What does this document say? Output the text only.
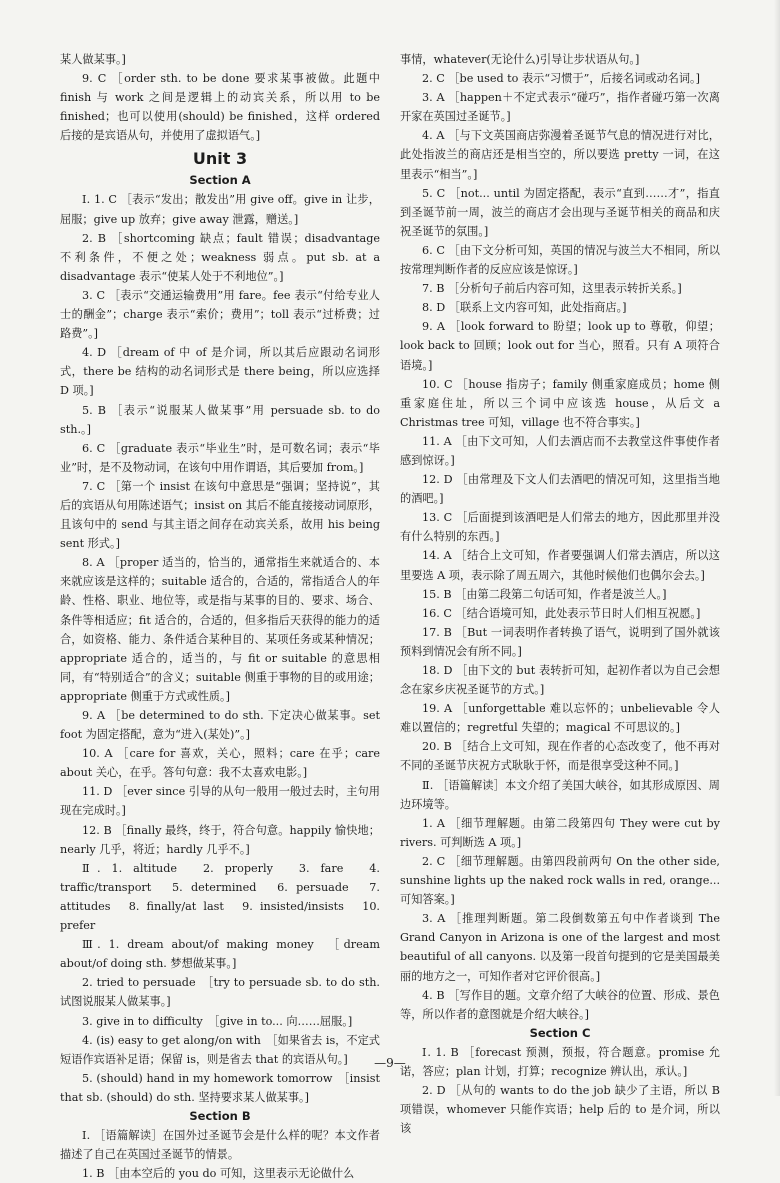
某人做某事。]

9. C ［order sth. to be done 要求某事被做。此题中 finish 与 work 之间是逻辑上的动宾关系，所以用 to be finished；也可以使用(should) be finished，这样 ordered 后接的是宾语从句，并使用了虚拟语气。]

Unit 3
Section A

Ⅰ. 1. C ［表示“发出；散发出”用 give off。give in 让步，屈服；give up 放弃；give away 泄露，赠送。]

2. B ［shortcoming 缺点；fault 错误；disadvantage 不利条件，不便之处；weakness 弱点。put sb. at a disadvantage 表示“使某人处于不利地位”。]

3. C ［表示“交通运输费用”用 fare。fee 表示“付给专业人士的酬金”；charge 表示“索价；费用”；toll 表示“过桥费；过路费”。]

4. D ［dream of 中 of 是介词，所以其后应跟动名词形式，there be 结构的动名词形式是 there being，所以应选择 D 项。]

5. B ［表示“说服某人做某事”用 persuade sb. to do sth.。]

6. C ［graduate 表示“毕业生”时，是可数名词；表示“毕业”时，是不及物动词，在该句中用作谓语，其后要加 from。]

7. C ［第一个 insist 在该句中意思是“强调；坚持说”，其后的宾语从句用陈述语气；insist on 其后不能直接接动词原形，且该句中的 send 与其主语之间存在动宾关系，故用 his being sent 形式。]

8. A ［proper 适当的，恰当的，通常指生来就适合的、本来就应该是这样的；suitable 适合的，合适的，常指适合人的年龄、性格、职业、地位等，或是指与某事的目的、要求、场合、条件等相适应；fit 适合的，合适的，但多指后天获得的能力的适合，如资格、能力、条件适合某种目的、某项任务或某种情况；appropriate 适合的，适当的，与 fit or suitable 的意思相同，有“特别适合”的含义；suitable 侧重于事物的目的或用途；appropriate 侧重于方式或性质。]

9. A ［be determined to do sth. 下定决心做某事。set foot 为固定搭配，意为“进入(某处)”。]

10. A ［care for 喜欢，关心，照料；care 在乎；care about 关心，在乎。答句句意：我不太喜欢电影。]

11. D ［ever since 引导的从句一般用一般过去时，主句用现在完成时。]

12. B ［finally 最终，终于，符合句意。happily 愉快地；nearly 几乎，将近；hardly 几乎不。]

Ⅱ. 1. altitude　2. properly　3. fare　4. traffic/transport　5. determined　6. persuade　7. attitudes　8. finally/at last　9. insisted/insists　10. prefer

Ⅲ. 1. dream about/of making money　［dream about/of doing sth. 梦想做某事。]

2. tried to persuade　［try to persuade sb. to do sth. 试图说服某人做某事。]

3. give in to difficulty　［give in to... 向……屈服。]

4. (is) easy to get along/on with　［如果省去 is，不定式短语作宾语补足语；保留 is，则是省去 that 的宾语从句。]

5. (should) hand in my homework tomorrow　［insist that sb. (should) do sth. 坚持要求某人做某事。]

Section B

Ⅰ. ［语篇解读］在国外过圣诞节会是什么样的呢？本文作者描述了自己在英国过圣诞节的情景。

1. B ［由本空后的 you do 可知，这里表示无论做什么

事情，whatever(无论什么)引导让步状语从句。]

2. C ［be used to 表示“习惯于”，后接名词或动名词。]

3. A ［happen＋不定式表示“碰巧”，指作者碰巧第一次离开家在英国过圣诞节。]

4. A ［与下文英国商店弥漫着圣诞节气息的情况进行对比，此处指波兰的商店还是相当空的，所以要选 pretty 一词，在这里表示“相当”。]

5. C ［not... until 为固定搭配，表示“直到……才”，指直到圣诞节前一周，波兰的商店才会出现与圣诞节相关的商品和庆祝圣诞节的氛围。]

6. C ［由下文分析可知，英国的情况与波兰大不相同，所以按常理判断作者的反应应该是惊讶。]

7. B ［分析句子前后内容可知，这里表示转折关系。]

8. D ［联系上文内容可知，此处指商店。]

9. A ［look forward to 盼望；look up to 尊敬，仰望；look back to 回顾；look out for 当心，照看。只有 A 项符合语境。]

10. C ［house 指房子；family 侧重家庭成员；home 侧重家庭住址，所以三个词中应该选 house，从后文 a Christmas tree 可知，village 也不符合事实。]

11. A ［由下文可知，人们去酒店而不去教堂这件事使作者感到惊讶。]

12. D ［由常理及下文人们去酒吧的情况可知，这里指当地的酒吧。]

13. C ［后面提到该酒吧是人们常去的地方，因此那里并没有什么特别的东西。]

14. A ［结合上文可知，作者要强调人们常去酒店，所以这里要选 A 项，表示除了周五周六，其他时候他们也偶尔会去。]

15. B ［由第二段第二句话可知，作者是波兰人。]

16. C ［结合语境可知，此处表示节日时人们相互祝愿。]

17. B ［But 一词表明作者转换了语气，说明到了国外就该预料到情况会有所不同。]

18. D ［由下文的 but 表转折可知，起初作者以为自己会想念在家乡庆祝圣诞节的方式。]

19. A ［unforgettable 难以忘怀的；unbelievable 令人难以置信的；regretful 失望的；magical 不可思议的。]

20. B ［结合上文可知，现在作者的心态改变了，他不再对不同的圣诞节庆祝方式耿耿于怀，而是很享受这种不同。]

Ⅱ. ［语篇解读］本文介绍了美国大峡谷，如其形成原因、周边环境等。

1. A ［细节理解题。由第二段第四句 They were cut by rivers. 可判断选 A 项。]

2. C ［细节理解题。由第四段前两句 On the other side, sunshine lights up the naked rock walls in red, orange... 可知答案。]

3. A ［推理判断题。第二段倒数第五句中作者谈到 The Grand Canyon in Arizona is one of the largest and most beautiful of all canyons. 以及第一段首句提到的它是美国最美丽的地方之一，可知作者对它评价很高。]

4. B ［写作目的题。文章介绍了大峡谷的位置、形成、景色等，所以作者的意图就是介绍大峡谷。]

Section C

Ⅰ. 1. B ［forecast 预测，预报，符合题意。promise 允诺，答应；plan 计划，打算；recognize 辨认出，承认。]

2. D ［从句的 wants to do the job 缺少了主语，所以 B 项错误，whomever 只能作宾语；help 后的 to 是介词，所以该

—9—
